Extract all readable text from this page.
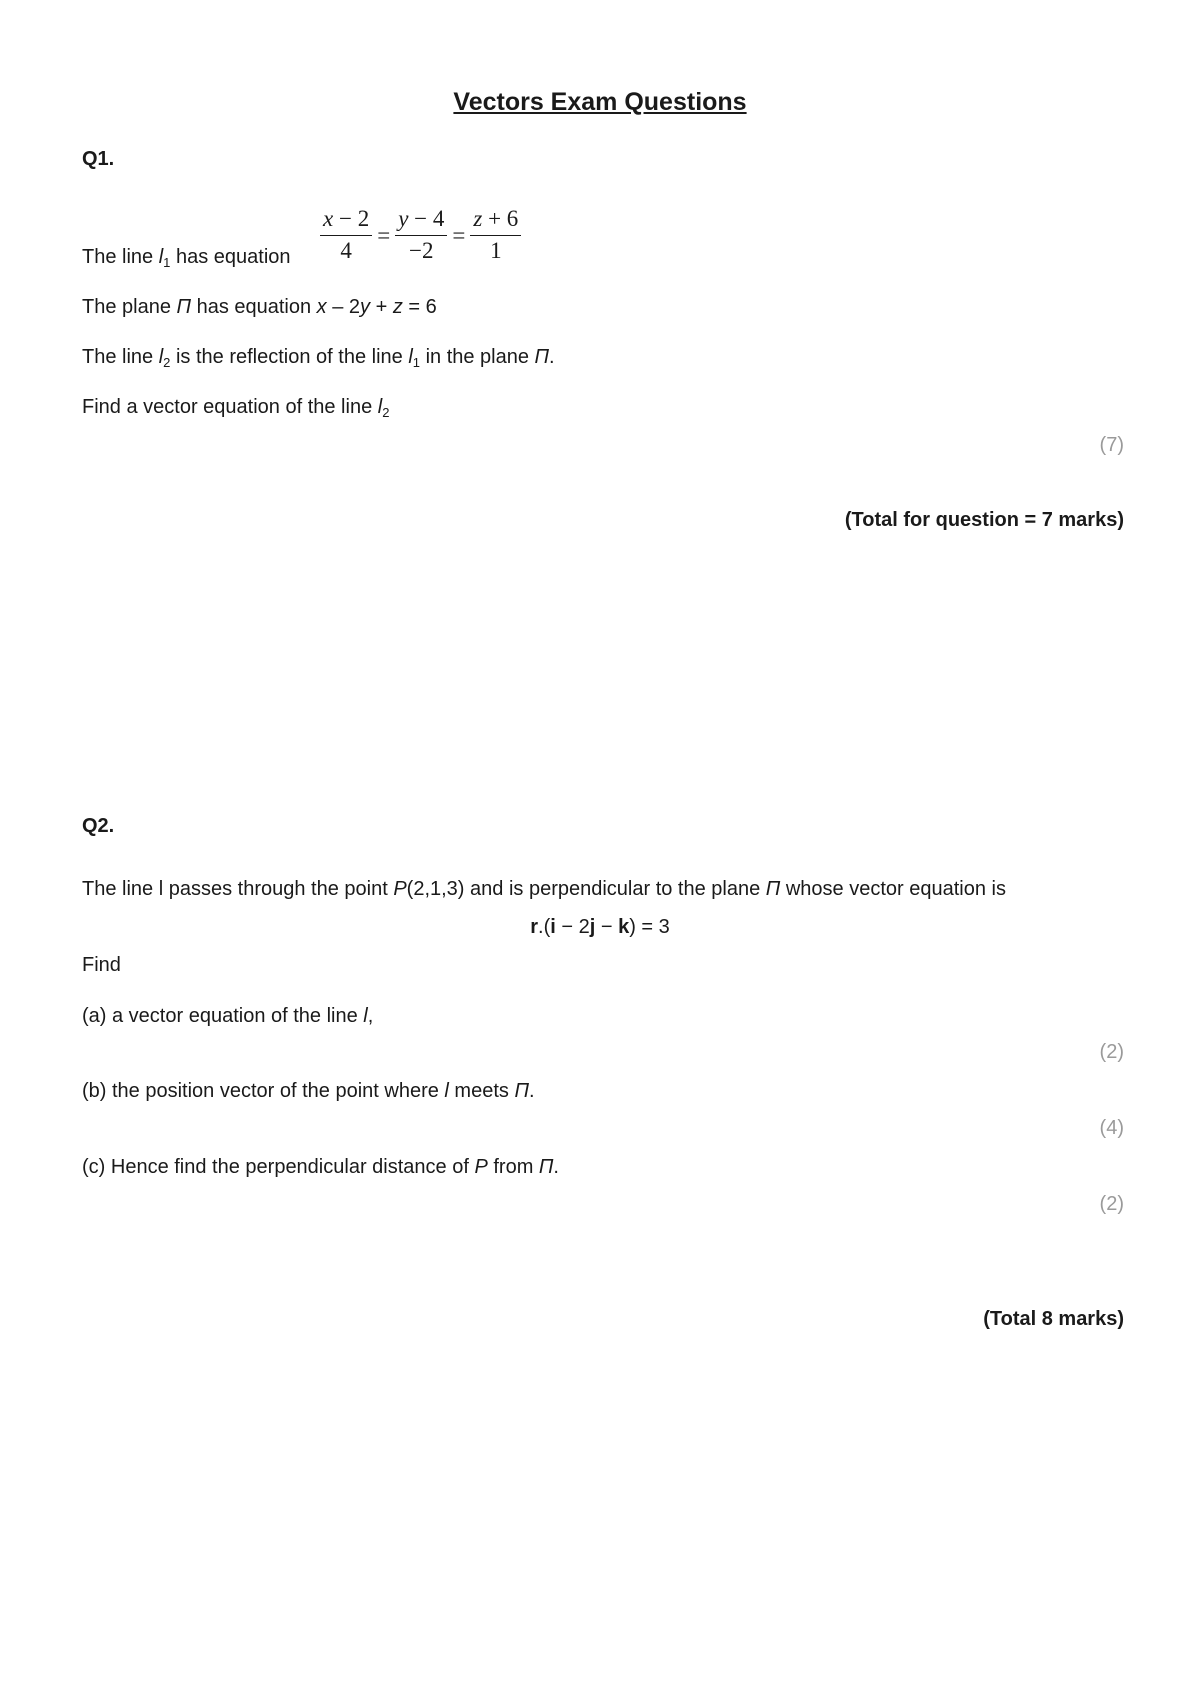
Vectors Exam Questions
Q1.
$\frac{x - 2}{4} = \frac{y - 4}{-2} = \frac{z + 6}{1}$
The line $l_1$ has equation
The plane Π has equation x – 2y + z = 6
The line $l_2$ is the reflection of the line $l_1$ in the plane Π.
Find a vector equation of the line $l_2$
(7)
(Total for question = 7 marks)
Q2.
The line l passes through the point P(2,1,3) and is perpendicular to the plane Π whose vector equation is
r.(i − 2j − k) = 3
Find
(a) a vector equation of the line l,
(2)
(b) the position vector of the point where l meets Π.
(4)
(c) Hence find the perpendicular distance of P from Π.
(2)
(Total 8 marks)
